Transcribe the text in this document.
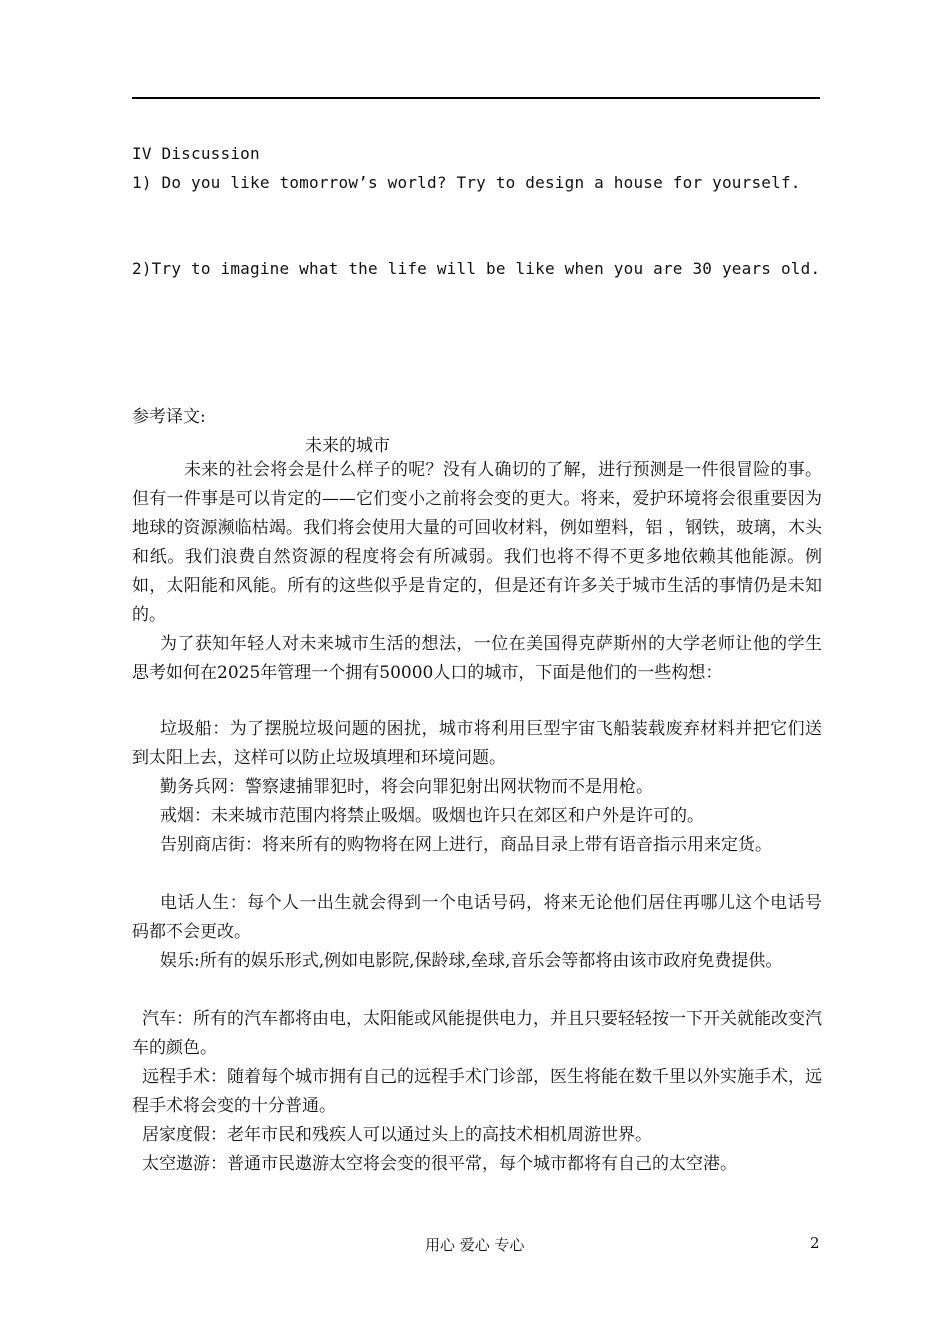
IV Discussion
1) Do you like tomorrow’s world? Try to design a house for yourself.
2)Try to imagine what the life will be like when you are 30 years old.
参考译文:
未来的城市
未来的社会将会是什么样子的呢？没有人确切的了解，进行预测是一件很冒险的事。但有一件事是可以肯定的——它们变小之前将会变的更大。将来，爱护环境将会很重要因为地球的资源濒临枯竭。我们将会使用大量的可回收材料，例如塑料，铝 ，钢铁，玻璃，木头和纸。我们浪费自然资源的程度将会有所减弱。我们也将不得不更多地依赖其他能源。例如，太阳能和风能。所有的这些似乎是肯定的，但是还有许多关于城市生活的事情仍是未知的。
为了获知年轻人对未来城市生活的想法，一位在美国得克萨斯州的大学老师让他的学生思考如何在2025年管理一个拥有50000人口的城市，下面是他们的一些构想：
垃圾船：为了摆脱垃圾问题的困扰，城市将利用巨型宇宙飞船装载废弃材料并把它们送到太阳上去，这样可以防止垃圾填埋和环境问题。
勤务兵网：警察逮捕罪犯时，将会向罪犯射出网状物而不是用枪。
戒烟：未来城市范围内将禁止吸烟。吸烟也许只在郊区和户外是许可的。
告别商店街：将来所有的购物将在网上进行，商品目录上带有语音指示用来定货。
电话人生：每个人一出生就会得到一个电话号码，将来无论他们居住再哪儿这个电话号码都不会更改。
娱乐:所有的娱乐形式,例如电影院,保龄球,垒球,音乐会等都将由该市政府免费提供。
汽车：所有的汽车都将由电，太阳能或风能提供电力，并且只要轻轻按一下开关就能改变汽车的颜色。
远程手术：随着每个城市拥有自己的远程手术门诊部，医生将能在数千里以外实施手术，远程手术将会变的十分普通。
居家度假：老年市民和残疾人可以通过头上的高技术相机周游世界。
太空遨游：普通市民遨游太空将会变的很平常，每个城市都将有自己的太空港。
用心 爱心 专心	2
